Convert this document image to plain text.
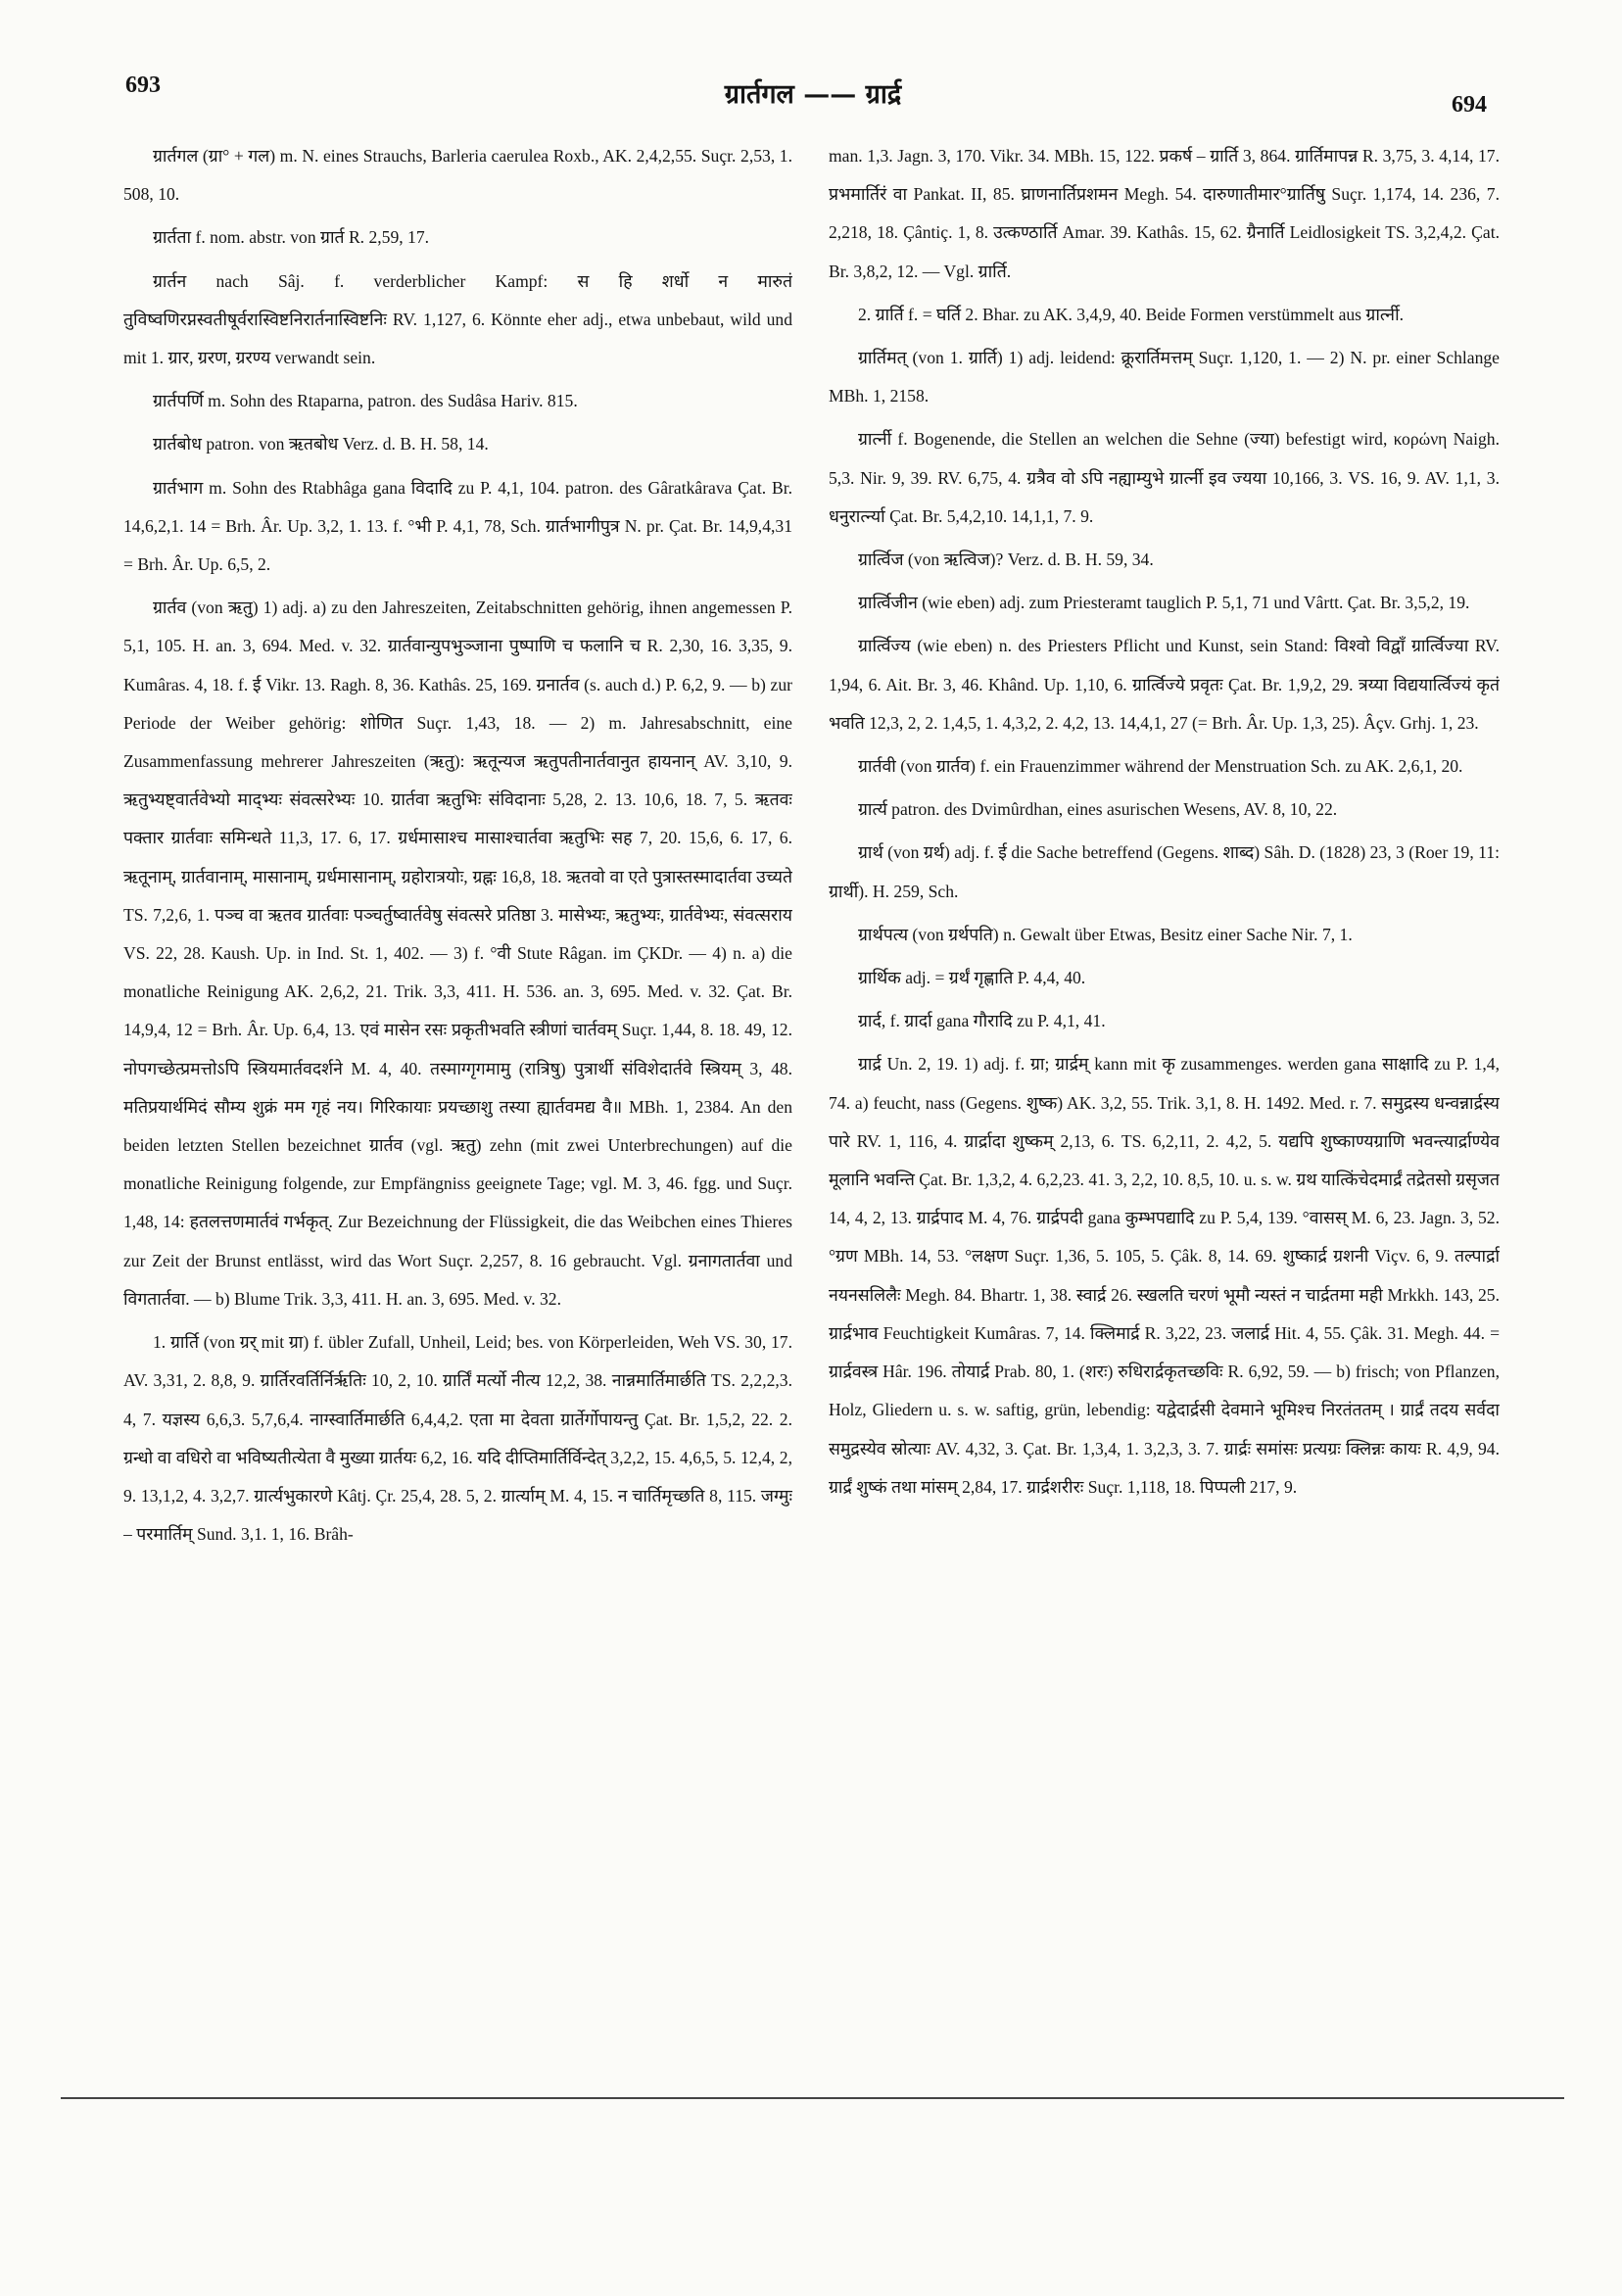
693	ग्रार्तगल —— ग्रार्द्र	694

ग्रार्तगल (ग्रा° + गल) m. N. eines Strauchs, Barleria caerulea Roxb., AK. 2,4,2,55. Suçr. 2,53, 1. 508, 10.

ग्रार्तता f. nom. abstr. von ग्रार्त R. 2,59, 17.

ग्रार्तन nach Sâj. f. verderblicher Kampf: स हि शर्धो न मारुतं तुविष्वणिरप्नस्वतीषूर्वरास्विष्टनिरार्तनास्विष्टनिः RV. 1,127, 6. Könnte eher adj., etwa unbebaut, wild und mit 1. ग्रार, ग्ररण, ग्ररण्य verwandt sein.

ग्रार्तपर्णि m. Sohn des Rtaparna, patron. des Sudâsa Hariv. 815.

ग्रार्तबोध patron. von ऋतबोध Verz. d. B. H. 58, 14.

ग्रार्तभाग m. Sohn des Rtabhâga gana विदादि zu P. 4,1, 104. patron. des Gâratkârava Çat. Br. 14,6,2,1. 14 = Brh. Âr. Up. 3,2, 1. 13. f. °भी P. 4,1, 78, Sch. ग्रार्तभागीपुत्र N. pr. Çat. Br. 14,9,4,31 = Brh. Âr. Up. 6,5, 2.

ग्रार्तव (von ऋतु) 1) adj. a) zu den Jahreszeiten, Zeitabschnitten gehörig, ihnen angemessen P. 5,1, 105. H. an. 3, 694. Med. v. 32. ग्रार्तवान्युपभुञ्जाना पुष्पाणि च फलानि च R. 2,30, 16. 3,35, 9. Kumâras. 4, 18. f. ई Vikr. 13. Ragh. 8, 36. Kathâs. 25, 169. ग्रनार्तव (s. auch d.) P. 6,2, 9. — b) zur Periode der Weiber gehörig: शोणित Suçr. 1,43, 18. — 2) m. Jahresabschnitt, eine Zusammenfassung mehrerer Jahreszeiten (ऋतु): ऋतून्यज ऋतुपतीनार्तवानुत हायनान् AV. 3,10, 9. ऋतुभ्यष्ट्वार्तवेभ्यो माद्भ्यः संवत्सरेभ्यः 10. ग्रार्तवा ऋतुभिः संविदानाः 5,28, 2. 13. 10,6, 18. 7, 5. ऋतवः पक्तार ग्रार्तवाः समिन्धते 11,3, 17. 6, 17. ग्रर्धमासाश्च मासाश्चार्तवा ऋतुभिः सह 7, 20. 15,6, 6. 17, 6. ऋतूनाम्, ग्रार्तवानाम्, मासानाम्, ग्रर्धमासानाम्, ग्रहोरात्रयोः, ग्रह्नः 16,8, 18. ऋतवो वा एते पुत्रास्तस्मादार्तवा उच्यते TS. 7,2,6, 1. पञ्च वा ऋतव ग्रार्तवाः पञ्चर्तुष्वार्तवेषु संवत्सरे प्रतिष्ठा 3. मासेभ्यः, ऋतुभ्यः, ग्रार्तवेभ्यः, संवत्सराय VS. 22, 28. Kaush. Up. in Ind. St. 1, 402. — 3) f. °वी Stute Râgan. im ÇKDr. — 4) n. a) die monatliche Reinigung AK. 2,6,2, 21. Trik. 3,3, 411. H. 536. an. 3, 695. Med. v. 32. Çat. Br. 14,9,4, 12 = Brh. Âr. Up. 6,4, 13. एवं मासेन रसः प्रकृतीभवति स्त्रीणां चार्तवम् Suçr. 1,44, 8. 18. 49, 12. नोपगच्छेत्प्रमत्तोऽपि स्त्रियमार्तवदर्शने M. 4, 40. तस्माग्गृगमामु (रात्रिषु) पुत्रार्थी संविशेदार्तवे स्त्रियम् 3, 48. मतिप्रयार्थमिदं सौम्य शुक्रं मम गृहं नय। गिरिकायाः प्रयच्छाशु तस्या ह्यार्तवमद्य वै॥ MBh. 1, 2384. An den beiden letzten Stellen bezeichnet ग्रार्तव (vgl. ऋतु) zehn (mit zwei Unterbrechungen) auf die monatliche Reinigung folgende, zur Empfängniss geeignete Tage; vgl. M. 3, 46. fgg. und Suçr. 1,48, 14: हतलत्तणमार्तवं गर्भकृत्. Zur Bezeichnung der Flüssigkeit, die das Weibchen eines Thieres zur Zeit der Brunst entlässt, wird das Wort Suçr. 2,257, 8. 16 gebraucht. Vgl. ग्रनागतार्तवा und विगतार्तवा. — b) Blume Trik. 3,3, 411. H. an. 3, 695. Med. v. 32.

1. ग्रार्ति (von ग्रर् mit ग्रा) f. übler Zufall, Unheil, Leid; bes. von Körperleiden, Weh VS. 30, 17. AV. 3,31, 2. 8,8, 9. ग्रार्तिरवर्तिर्निर्ऋतिः 10, 2, 10. ग्रार्तिं मर्त्यो नीत्य 12,2, 38. नान्नमार्तिमार्छति TS. 2,2,2,3. 4, 7. यज्ञस्य 6,6,3. 5,7,6,4. नाग्स्वार्तिमार्छति 6,4,4,2. एता मा देवता ग्रार्तेर्गोपायन्तु Çat. Br. 1,5,2, 22. 2. ग्रन्धो वा वधिरो वा भविष्यतीत्येता वै मुख्या ग्रार्तयः 6,2, 16. यदि दीप्तिमार्तिर्विन्देत् 3,2,2, 15. 4,6,5, 5. 12,4, 2, 9. 13,1,2, 4. 3,2,7. ग्रार्त्यभुकारणे Kâtj. Çr. 25,4, 28. 5, 2. ग्रार्त्याम् M. 4, 15. न चार्तिमृच्छति 8, 115. जग्मुः – परमार्तिम् Sund. 3,1. 1, 16. Brâh-

man. 1,3. Jagn. 3, 170. Vikr. 34. MBh. 15, 122. प्रकर्ष – ग्रार्ति 3, 864. ग्रार्तिमापन्न R. 3,75, 3. 4,14, 17. प्रभमार्तिरं वा Pankat. II, 85. घ्राणनार्तिप्रशमन Megh. 54. दारुणातीमार°ग्रार्तिषु Suçr. 1,174, 14. 236, 7. 2,218, 18. Çântiç. 1, 8. उत्कण्ठार्ति Amar. 39. Kathâs. 15, 62. ग्रैनार्ति Leidlosigkeit TS. 3,2,4,2. Çat. Br. 3,8,2, 12. — Vgl. ग्रार्ति.

2. ग्रार्ति f. = घर्ति 2. Bhar. zu AK. 3,4,9, 40. Beide Formen verstümmelt aus ग्रार्त्नी.

ग्रार्तिमत् (von 1. ग्रार्ति) 1) adj. leidend: क्रूरार्तिमत्तम् Suçr. 1,120, 1. — 2) N. pr. einer Schlange MBh. 1, 2158.

ग्रार्त्नी f. Bogenende, die Stellen an welchen die Sehne (ज्या) befestigt wird, κορώνη Naigh. 5,3. Nir. 9, 39. RV. 6,75, 4. ग्रत्रैव वो ऽपि नह्याम्युभे ग्रार्त्नी इव ज्यया 10,166, 3. VS. 16, 9. AV. 1,1, 3. धनुरार्त्न्या Çat. Br. 5,4,2,10. 14,1,1, 7. 9.

ग्रार्त्विज (von ऋत्विज)? Verz. d. B. H. 59, 34.

ग्रार्त्विजीन (wie eben) adj. zum Priesteramt tauglich P. 5,1, 71 und Vârtt. Çat. Br. 3,5,2, 19.

ग्रार्त्विज्य (wie eben) n. des Priesters Pflicht und Kunst, sein Stand: विश्वो विद्वाँ ग्रार्त्विज्या RV. 1,94, 6. Ait. Br. 3, 46. Khând. Up. 1,10, 6. ग्रार्त्विज्ये प्रवृतः Çat. Br. 1,9,2, 29. त्रय्या विद्ययार्त्विज्यं कृतं भवति 12,3, 2, 2. 1,4,5, 1. 4,3,2, 2. 4,2, 13. 14,4,1, 27 (= Brh. Âr. Up. 1,3, 25). Âçv. Grhj. 1, 23.

ग्रार्तवी (von ग्रार्तव) f. ein Frauenzimmer während der Menstruation Sch. zu AK. 2,6,1, 20.

ग्रार्त्य patron. des Dvimûrdhan, eines asurischen Wesens, AV. 8, 10, 22.

ग्रार्थ (von ग्रर्थ) adj. f. ई die Sache betreffend (Gegens. शाब्द) Sâh. D. (1828) 23, 3 (Roer 19, 11: ग्रार्थी). H. 259, Sch.

ग्रार्थपत्य (von ग्रर्थपति) n. Gewalt über Etwas, Besitz einer Sache Nir. 7, 1.

ग्रार्थिक adj. = ग्रर्थं गृह्णाति P. 4,4, 40.

ग्रार्द, f. ग्रार्दा gana गौरादि zu P. 4,1, 41.

ग्रार्द्र Un. 2, 19. 1) adj. f. ग्रा; ग्रार्द्रम् kann mit कृ zusammenges. werden gana साक्षादि zu P. 1,4, 74. a) feucht, nass (Gegens. शुष्क) AK. 3,2, 55. Trik. 3,1, 8. H. 1492. Med. r. 7. समुद्रस्य धन्वन्नार्द्रस्य पारे RV. 1, 116, 4. ग्रार्द्रादा शुष्कम् 2,13, 6. TS. 6,2,11, 2. 4,2, 5. यद्यपि शुष्काण्यग्राणि भवन्त्यार्द्राण्येव मूलानि भवन्ति Çat. Br. 1,3,2, 4. 6,2,23. 41. 3, 2,2, 10. 8,5, 10. u. s. w. ग्रथ यात्किंचेदमार्द्रं तद्रेतसो ग्रसृजत 14, 4, 2, 13. ग्रार्द्रपाद M. 4, 76. ग्रार्द्रपदी gana कुम्भपद्यादि zu P. 5,4, 139. °वासस् M. 6, 23. Jagn. 3, 52. °ग्रण MBh. 14, 53. °लक्षण Suçr. 1,36, 5. 105, 5. Çâk. 8, 14. 69. शुष्कार्द्र ग्रशनी Viçv. 6, 9. तल्पार्द्रा नयनसलिलैः Megh. 84. Bhartr. 1, 38. स्वार्द्र 26. स्खलति चरणं भूमौ न्यस्तं न चार्द्रतमा मही Mrkkh. 143, 25. ग्रार्द्रभाव Feuchtigkeit Kumâras. 7, 14. क्लिमार्द्र R. 3,22, 23. जलार्द्र Hit. 4, 55. Çâk. 31. Megh. 44. = ग्रार्द्रवस्त्र Hâr. 196. तोयार्द्र Prab. 80, 1. (शरः) रुधिरार्द्रकृतच्छविः R. 6,92, 59. — b) frisch; von Pflanzen, Holz, Gliedern u. s. w. saftig, grün, lebendig: यद्वेदार्द्रसी देवमाने भूमिश्च निरतंततम् । ग्रार्द्रं तदय सर्वदा समुद्रस्येव स्रोत्याः AV. 4,32, 3. Çat. Br. 1,3,4, 1. 3,2,3, 3. 7. ग्रार्द्रः समांसः प्रत्यग्रः क्लिन्नः कायः R. 4,9, 94. ग्रार्द्रं शुष्कं तथा मांसम् 2,84, 17. ग्रार्द्रशरीरः Suçr. 1,118, 18. पिप्पली 217, 9.
